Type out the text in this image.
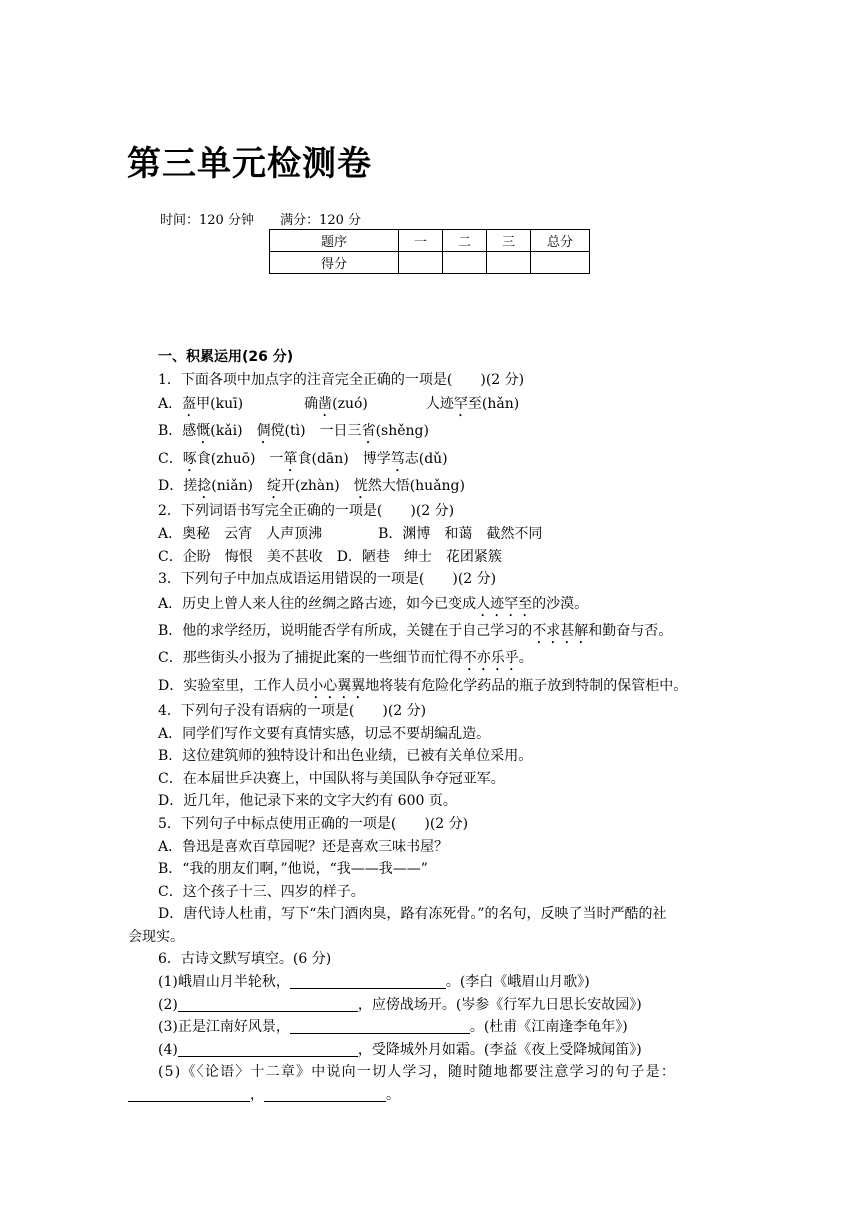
第三单元检测卷
时间：120 分钟 满分：120 分
题序	一	二	三	总分
得分				
一、积累运用(26 分)
1．下面各项中加点字的注音完全正确的一项是(　　)(2 分)
A．盔甲(kuī)	确凿(zuó)	人迹罕至(hǎn)
B．感慨(kǎi)　 倜傥(tì)　 一日三省(shěng)
C．啄食(zhuō)　 一箪食(dān)　 博学笃志(dǔ)
D．搓捻(niǎn)　 绽开(zhàn)　 恍然大悟(huǎng)
2．下列词语书写完全正确的一项是(　　)(2 分)
A．奥秘　云宵　人声顶沸　　　　B．渊博　和蔼　截然不同
C．企盼　悔恨　美不甚收　D．陋巷　绅士　花团紧簇
3．下列句子中加点成语运用错误的一项是(　　)(2 分)
A．历史上曾人来人往的丝绸之路古迹，如今已变成人迹罕至的沙漠。
B．他的求学经历，说明能否学有所成，关键在于自己学习的不求甚解和勤奋与否。
C．那些街头小报为了捕捉此案的一些细节而忙得不亦乐乎。
D．实验室里，工作人员小心翼翼地将装有危险化学药品的瓶子放到特制的保管柜中。
4．下列句子没有语病的一项是(　　)(2 分)
A．同学们写作文要有真情实感，切忌不要胡编乱造。
B．这位建筑师的独特设计和出色业绩，已被有关单位采用。
C．在本届世乒决赛上，中国队将与美国队争夺冠亚军。
D．近几年，他记录下来的文字大约有 600 页。
5．下列句子中标点使用正确的一项是(　　)(2 分)
A．鲁迅是喜欢百草园呢？还是喜欢三味书屋？
B．“我的朋友们啊，”他说，“我——我——”
C．这个孩子十三、四岁的样子。
D．唐代诗人杜甫，写下“朱门酒肉臭，路有冻死骨。”的名句，反映了当时严酷的社
会现实。
6．古诗文默写填空。(6 分)
(1)峨眉山月半轮秋，	。(李白《峨眉山月歌》)
(2)	，应傍战场开。(岑参《行军九日思长安故园》)
(3)正是江南好风景，	。(杜甫《江南逢李龟年》)
(4)	，受降城外月如霜。(李益《夜上受降城闻笛》)
(5)《〈论语〉十二章》中说向一切人学习，随时随地都要注意学习的句子是：
，	。
